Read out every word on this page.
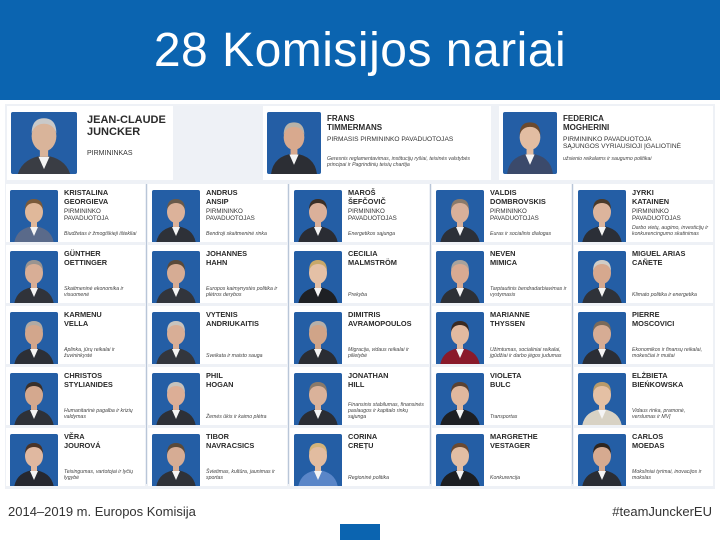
28 Komisijos nariai
JEAN-CLAUDE
JUNCKER
PIRMININKAS
FRANS
TIMMERMANS
PIRMASIS PIRMININKO PAVADUOTOJAS
Geresnis reglamentavimas, institucijų ryšiai, teisinės valstybės principai ir Pagrindinių teisių chartija
FEDERICA
MOGHERINI
PIRMININKO PAVADUOTOJA
SĄJUNGOS VYRIAUSIOJI ĮGALIOTINĖ
užsienio reikalams ir saugumo politikai
KRISTALINA
GEORGIEVA
PIRMININKO PAVADUOTOJA
Biudžetas ir žmogiškieji ištekliai
ANDRUS
ANSIP
PIRMININKO PAVADUOTOJAS
Bendroji skaitmeninė rinka
MAROŠ
ŠEFČOVIČ
PIRMININKO PAVADUOTOJAS
Energetikos sąjunga
VALDIS
DOMBROVSKIS
PIRMININKO PAVADUOTOJAS
Euras ir socialinis dialogas
JYRKI
KATAINEN
PIRMININKO PAVADUOTOJAS
Darbo vietų, augimo, investicijų ir konkurencingumo skatinimas
GÜNTHER
OETTINGER
Skaitmeninė ekonomika ir visuomenė
JOHANNES
HAHN
Europos kaimynystės politika ir plėtros derybos
CECILIA
MALMSTRÖM
Prekyba
NEVEN
MIMICA
Tarptautinis bendradarbiavimas ir vystymasis
MIGUEL ARIAS
CAÑETE
Klimato politika ir energetika
KARMENU
VELLA
Aplinka, jūrų reikalai ir žuvininkystė
VYTENIS
ANDRIUKAITIS
Sveikata ir maisto sauga
DIMITRIS
AVRAMOPOULOS
Migracija, vidaus reikalai ir pilietybė
MARIANNE
THYSSEN
Užimtumas, socialiniai reikalai, įgūdžiai ir darbo jėgos judumas
PIERRE
MOSCOVICI
Ekonomikos ir finansų reikalai, mokesčiai ir muitai
CHRISTOS
STYLIANIDES
Humanitarinė pagalba ir krizių valdymas
PHIL
HOGAN
Žemės ūkis ir kaimo plėtra
JONATHAN
HILL
Finansinis stabilumas, finansinės paslaugos ir kapitalo rinkų sąjunga
VIOLETA
BULC
Transportas
ELŻBIETA
BIEŃKOWSKA
Vidaus rinka, pramonė, verslumas ir MVĮ
VĚRA
JOUROVÁ
Teisingumas, vartotojai ir lyčių lygybė
TIBOR
NAVRACSICS
Švietimas, kultūra, jaunimas ir sportas
CORINA
CREȚU
Regioninė politika
MARGRETHE
VESTAGER
Konkurencija
CARLOS
MOEDAS
Moksliniai tyrimai, inovacijos ir mokslas
2014–2019 m. Europos Komisija	#teamJunckerEU
